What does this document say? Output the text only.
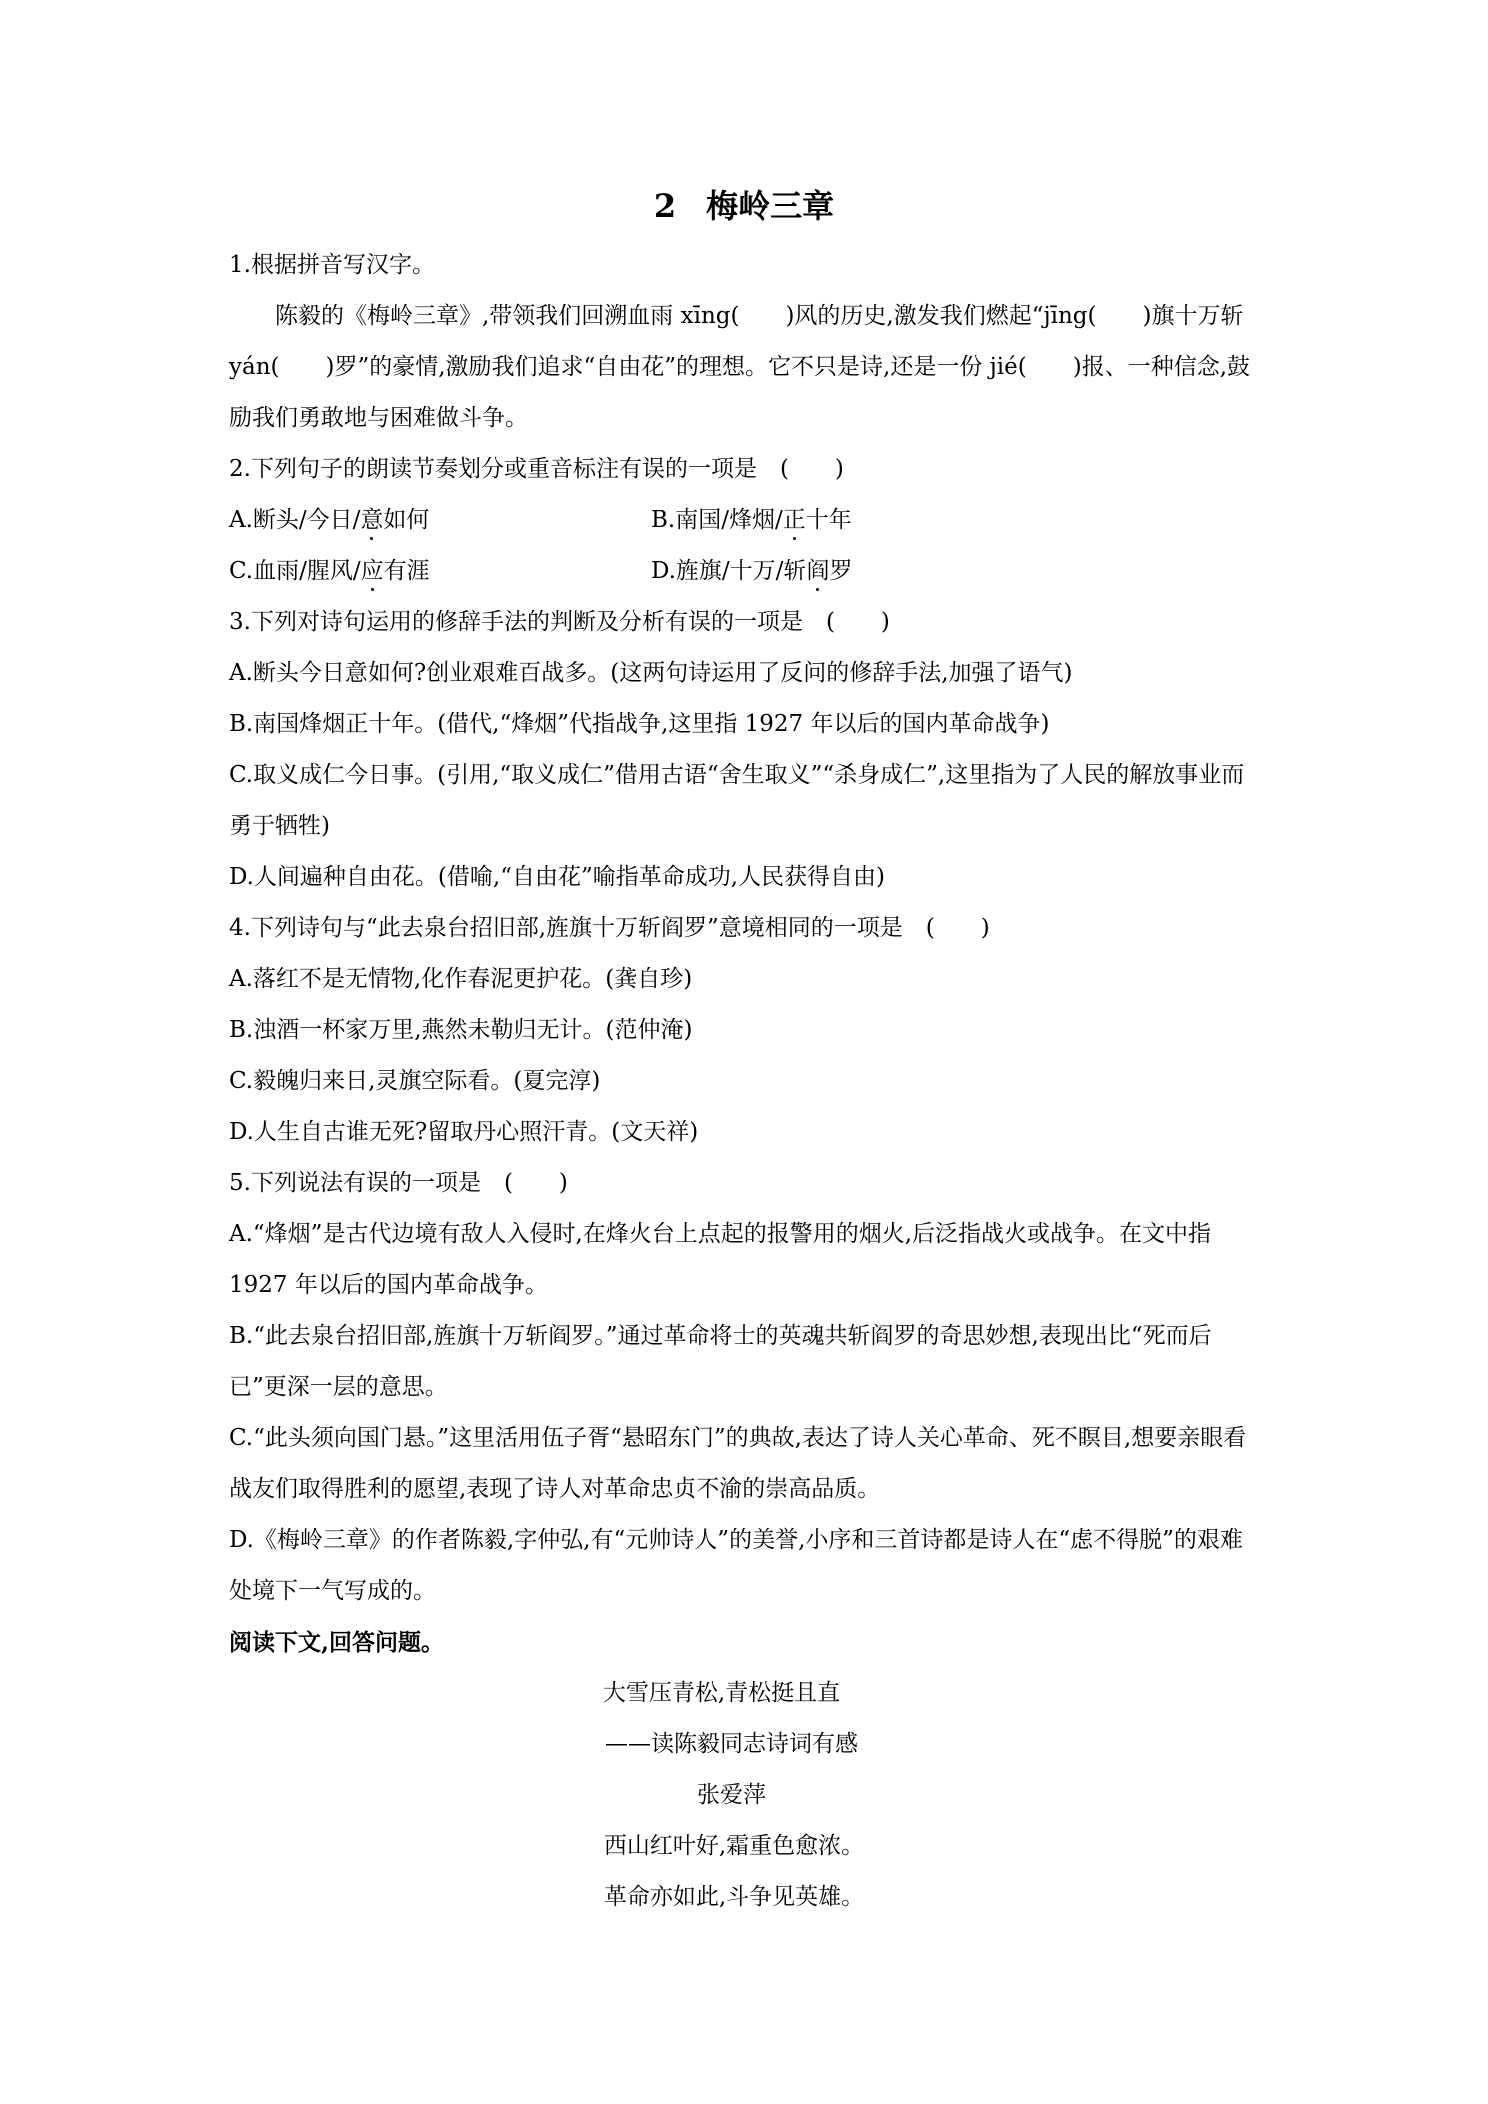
2 梅岭三章

1.根据拼音写汉字。

陈毅的《梅岭三章》,带领我们回溯血雨 xīng(　　)风的历史,激发我们燃起“jīng(　　)旗十万斩 yán(　　)罗”的豪情,激励我们追求“自由花”的理想。它不只是诗,还是一份 jié(　　)报、一种信念,鼓励我们勇敢地与困难做斗争。

2.下列句子的朗读节奏划分或重音标注有误的一项是　(　　)

A.断头/今日/意如何	B.南国/烽烟/正十年
C.血雨/腥风/应有涯	D.旌旗/十万/斩阎罗

3.下列对诗句运用的修辞手法的判断及分析有误的一项是　(　　)

A.断头今日意如何?创业艰难百战多。(这两句诗运用了反问的修辞手法,加强了语气)

B.南国烽烟正十年。(借代,“烽烟”代指战争,这里指 1927 年以后的国内革命战争)

C.取义成仁今日事。(引用,“取义成仁”借用古语“舍生取义”“杀身成仁”,这里指为了人民的解放事业而勇于牺牲)

D.人间遍种自由花。(借喻,“自由花”喻指革命成功,人民获得自由)

4.下列诗句与“此去泉台招旧部,旌旗十万斩阎罗”意境相同的一项是　(　　)

A.落红不是无情物,化作春泥更护花。(龚自珍)

B.浊酒一杯家万里,燕然未勒归无计。(范仲淹)

C.毅魄归来日,灵旗空际看。(夏完淳)

D.人生自古谁无死?留取丹心照汗青。(文天祥)

5.下列说法有误的一项是　(　　)

A.“烽烟”是古代边境有敌人入侵时,在烽火台上点起的报警用的烟火,后泛指战火或战争。在文中指 1927 年以后的国内革命战争。

B.“此去泉台招旧部,旌旗十万斩阎罗。”通过革命将士的英魂共斩阎罗的奇思妙想,表现出比“死而后已”更深一层的意思。

C.“此头须向国门悬。”这里活用伍子胥“悬昭东门”的典故,表达了诗人关心革命、死不瞑目,想要亲眼看战友们取得胜利的愿望,表现了诗人对革命忠贞不渝的崇高品质。

D.《梅岭三章》的作者陈毅,字仲弘,有“元帅诗人”的美誉,小序和三首诗都是诗人在“虑不得脱”的艰难处境下一气写成的。

阅读下文,回答问题。

大雪压青松,青松挺且直

——读陈毅同志诗词有感

张爱萍

西山红叶好,霜重色愈浓。

革命亦如此,斗争见英雄。
